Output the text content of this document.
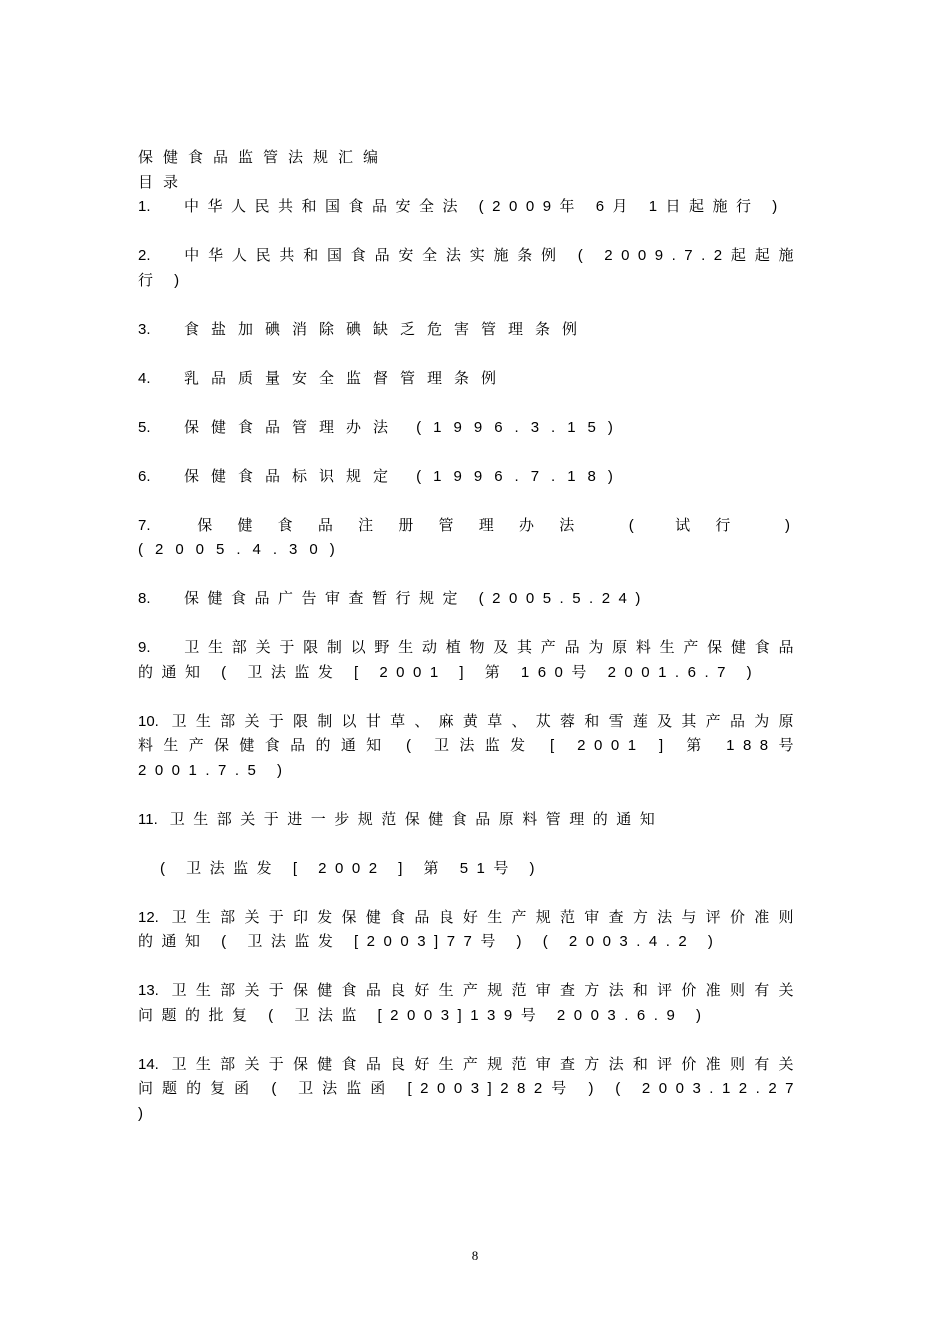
保健食品监管法规汇编
目录
1. 中华人民共和国食品安全法 (2009年 6月 1日起施行 )
2. 中华人民共和国食品安全法实施条例 ( 2009.7.2起起施行 )
3. 食盐加碘消除碘缺乏危害管理条例
4. 乳品质量安全监督管理条例
5. 保健食品管理办法 (1996.3.15)
6. 保健食品标识规定 (1996.7.18)
7. 保健食品注册管理办法 ( 试行 ) (2005.4.30)
8. 保健食品广告审查暂行规定 (2005.5.24)
9. 卫生部关于限制以野生动植物及其产品为原料生产保健食品的通知 ( 卫法监发 [ 2001 ] 第 160号 2001.6.7 )
10. 卫生部关于限制以甘草、麻黄草、苁蓉和雪莲及其产品为原料生产保健食品的通知 ( 卫法监发 [ 2001 ] 第 188号 2001.7.5 )
11. 卫生部关于进一步规范保健食品原料管理的通知
( 卫法监发 [ 2002 ] 第 51号 )
12. 卫生部关于印发保健食品良好生产规范审查方法与评价准则的通知 ( 卫法监发 [2003]77号 ) ( 2003.4.2 )
13. 卫生部关于保健食品良好生产规范审查方法和评价准则有关问题的批复 ( 卫法监 [2003]139号 2003.6.9 )
14. 卫生部关于保健食品良好生产规范审查方法和评价准则有关问题的复函 ( 卫法监函 [2003]282号 ) ( 2003.12.27 )
8
